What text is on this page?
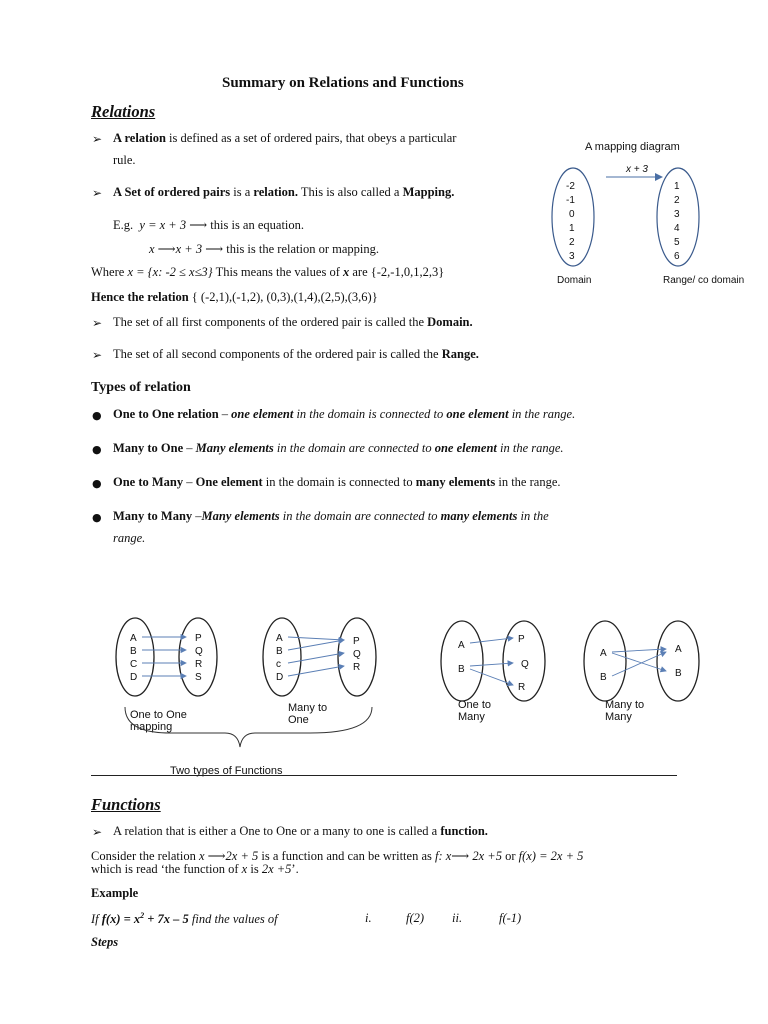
Summary on Relations and Functions
Relations
➢ A relation is defined as a set of ordered pairs, that obeys a particular
rule.
➢ A Set of ordered pairs is a relation. This is also called a Mapping.
E.g. y = x + 3 ⟶ this is an equation.
x ⟶x + 3 ⟶ this is the relation or mapping.
Where x = {x: -2 ≤ x≤3} This means the values of x are {-2,-1,0,1,2,3}
Hence the relation { (-2,1),(-1,2), (0,3),(1,4),(2,5),(3,6)}
➢ The set of all first components of the ordered pair is called the Domain.
➢ The set of all second components of the ordered pair is called the Range.
A mapping diagram
x + 3
-2
-1
0
1
2
3
1
2
3
4
5
6
Domain	Range/ co domain
Types of relation
● One to One relation – one element in the domain is connected to one element in the range.
● Many to One – Many elements in the domain are connected to one element in the range.
● One to Many – One element in the domain is connected to many elements in the range.
● Many to Many –Many elements in the domain are connected to many elements in the
range.
A
B
C
D
P
Q
R
S
A
B
c
D
P
Q
R
A
B
P
Q
R
A
B
A
B
One to One
mapping
Many to
One
One to
Many
Many to
Many
Two types of Functions
Functions
➢ A relation that is either a One to One or a many to one is called a function.
Consider the relation x ⟶2x + 5 is a function and can be written as f: x⟶ 2x +5 or f(x) = 2x + 5
which is read ‘the function of x is 2x +5’.
Example
If $f(x) = x^2 + 7x - 5$ find the values of	i.	f(2) ii.	f(-1)
Steps
